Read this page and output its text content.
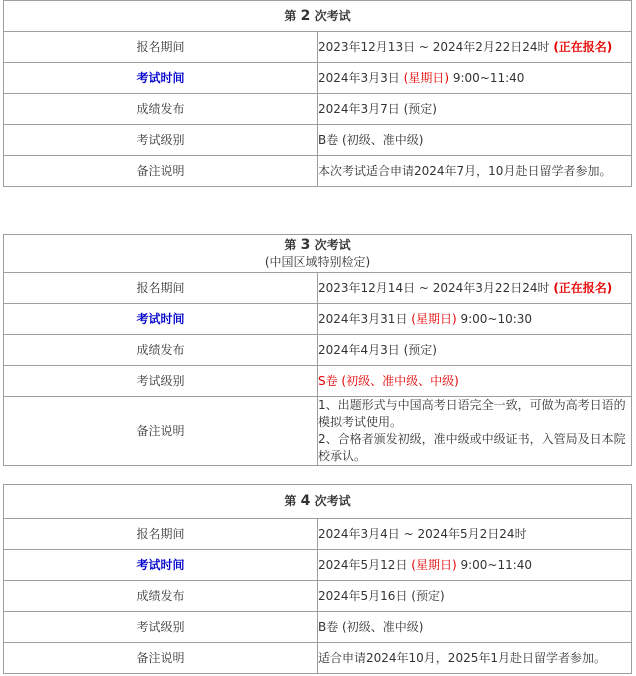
第 2 次考试	
报名期间	2023年12月13日 ~ 2024年2月22日24时 (正在报名)
考试时间	2024年3月3日 (星期日) 9:00~11:40
成绩发布	2024年3月7日 (预定)
考试级别	B卷 (初级、准中级)
备注说明	本次考试适合申请2024年7月，10月赴日留学者参加。
第 3 次考试
(中国区域特别检定)	

报名期间	2023年12月14日 ~ 2024年3月22日24时 (正在报名)
考试时间	2024年3月31日 (星期日) 9:00~10:30
成绩发布	2024年4月3日 (预定)
考试级别	S卷 (初级、准中级、中级)
备注说明	1、出题形式与中国高考日语完全一致，可做为高考日语的模拟考试使用。
2、合格者颁发初级，准中级或中级证书，入管局及日本院校承认。
第 4 次考试	
报名期间	2024年3月4日 ~ 2024年5月2日24时
考试时间	2024年5月12日 (星期日) 9:00~11:40
成绩发布	2024年5月16日 (预定)
考试级别	B卷 (初级、准中级)
备注说明	适合申请2024年10月，2025年1月赴日留学者参加。
